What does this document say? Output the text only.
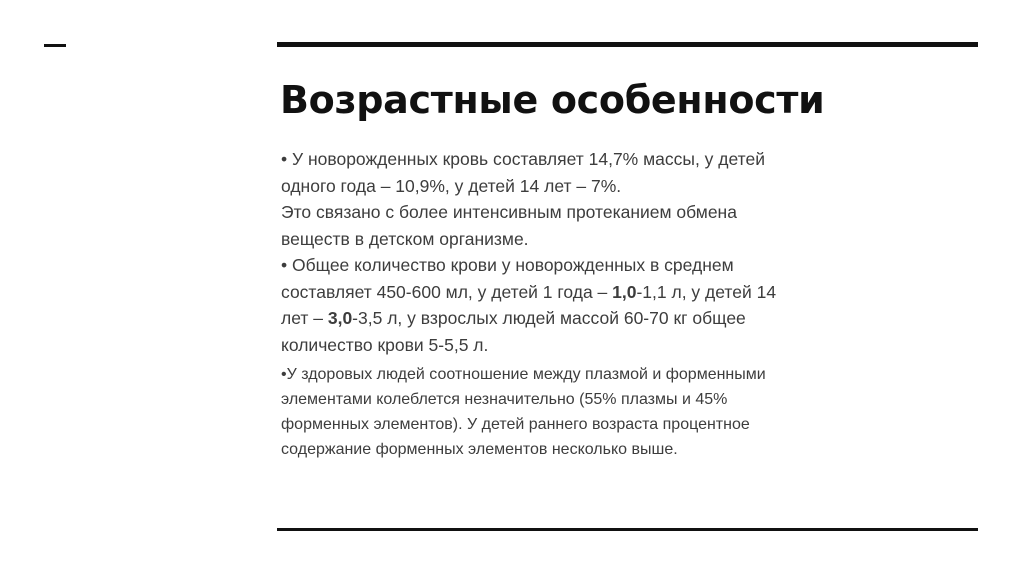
Возрастные особенности

• У новорожденных кровь составляет 14,7% массы, у детей
одного года – 10,9%, у детей 14 лет – 7%.

Это связано с более интенсивным протеканием обмена
веществ в детском организме.

• Общее количество крови у новорожденных в среднем
составляет 450-600 мл, у детей 1 года – 1,0-1,1 л, у детей 14
лет – 3,0-3,5 л, у взрослых людей массой 60-70 кг общее
количество крови 5-5,5 л.

•У здоровых людей соотношение между плазмой и форменными
элементами колеблется незначительно (55% плазмы и 45%
форменных элементов). У детей раннего возраста процентное
содержание форменных элементов несколько выше.
